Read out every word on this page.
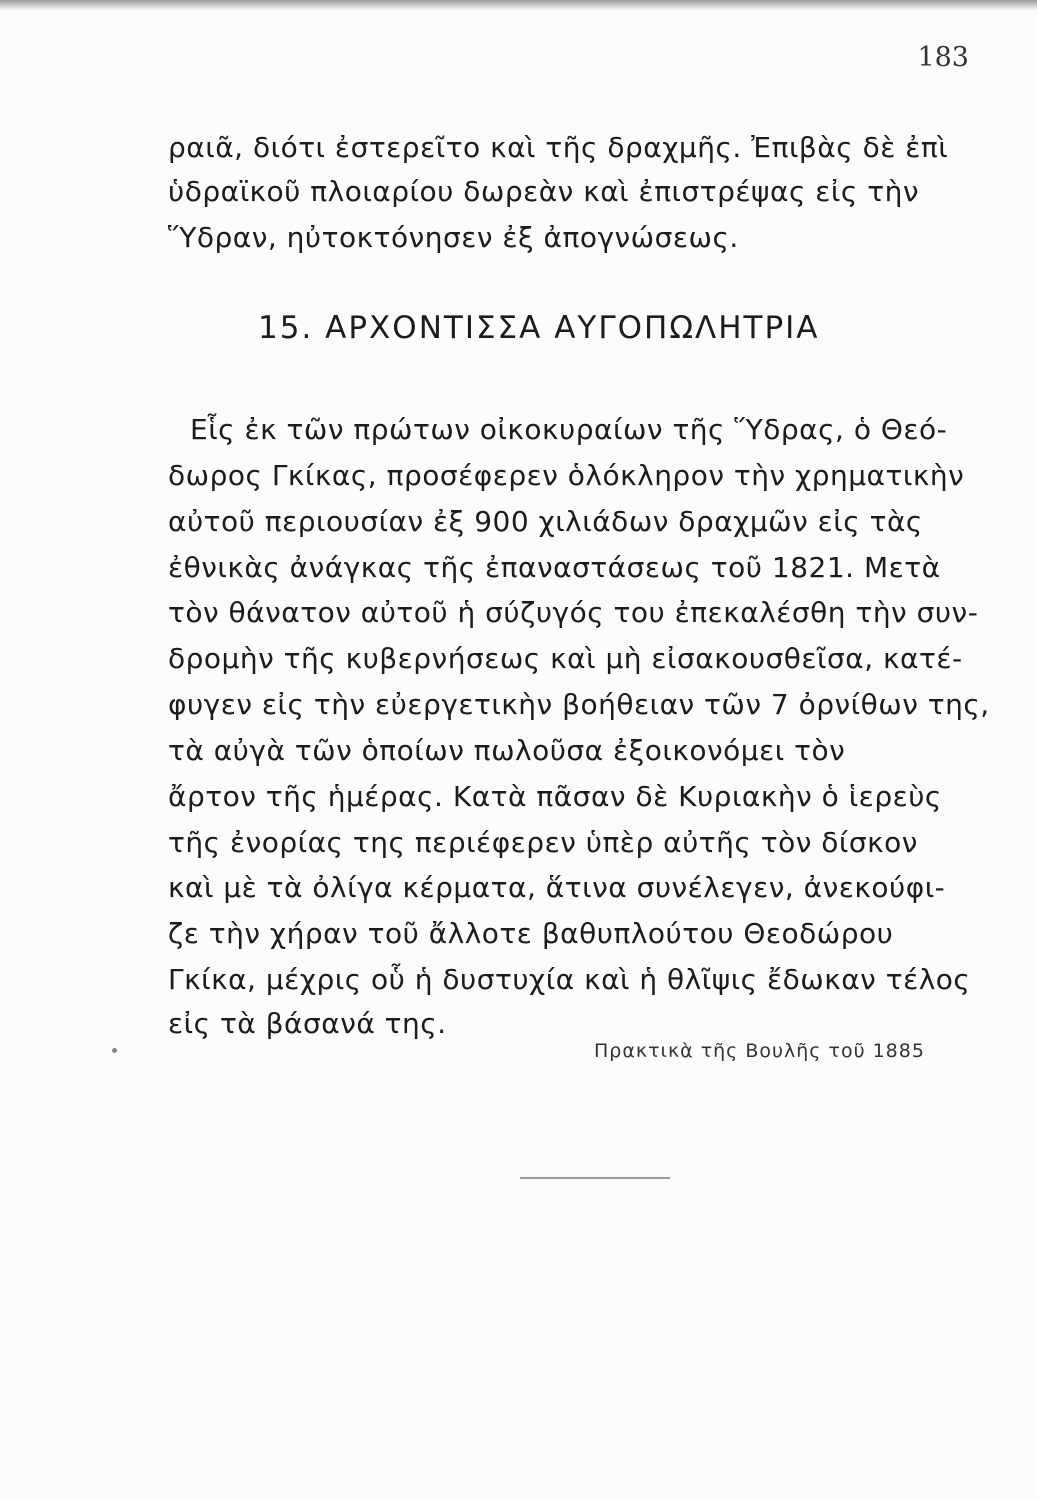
183
ραιᾶ, διότι ἐστερεῖτο καὶ τῆς δραχμῆς. Ἐπιβὰς δὲ ἐπὶ
ὑδραϊκοῦ πλοιαρίου δωρεὰν καὶ ἐπιστρέψας εἰς τὴν
Ὕδραν, ηὐτοκτόνησεν ἐξ ἀπογνώσεως.
15. ΑΡΧΟΝΤΙΣΣΑ ΑΥΓΟΠΩΛΗΤΡΙΑ
Εἷς ἐκ τῶν πρώτων οἰκοκυραίων τῆς Ὕδρας, ὁ Θεό-
δωρος Γκίκας, προσέφερεν ὁλόκληρον τὴν χρηματικὴν
αὐτοῦ περιουσίαν ἐξ 900 χιλιάδων δραχμῶν εἰς τὰς
ἐθνικὰς ἀνάγκας τῆς ἐπαναστάσεως τοῦ 1821. Μετὰ
τὸν θάνατον αὐτοῦ ἡ σύζυγός του ἐπεκαλέσθη τὴν συν-
δρομὴν τῆς κυβερνήσεως καὶ μὴ εἰσακουσθεῖσα, κατέ-
φυγεν εἰς τὴν εὐεργετικὴν βοήθειαν τῶν 7 ὀρνίθων της,
τὰ αὐγὰ τῶν ὁποίων πωλοῦσα ἐξοικονόμει τὸν
ἄρτον τῆς ἡμέρας. Κατὰ πᾶσαν δὲ Κυριακὴν ὁ ἱερεὺς
τῆς ἐνορίας της περιέφερεν ὑπὲρ αὐτῆς τὸν δίσκον
καὶ μὲ τὰ ὀλίγα κέρματα, ἅτινα συνέλεγεν, ἀνεκούφι-
ζε τὴν χήραν τοῦ ἄλλοτε βαθυπλούτου Θεοδώρου
Γκίκα, μέχρις οὗ ἡ δυστυχία καὶ ἡ θλῖψις ἔδωκαν τέλος
εἰς τὰ βάσανά της.
Πρακτικὰ τῆς Βουλῆς τοῦ 1885
